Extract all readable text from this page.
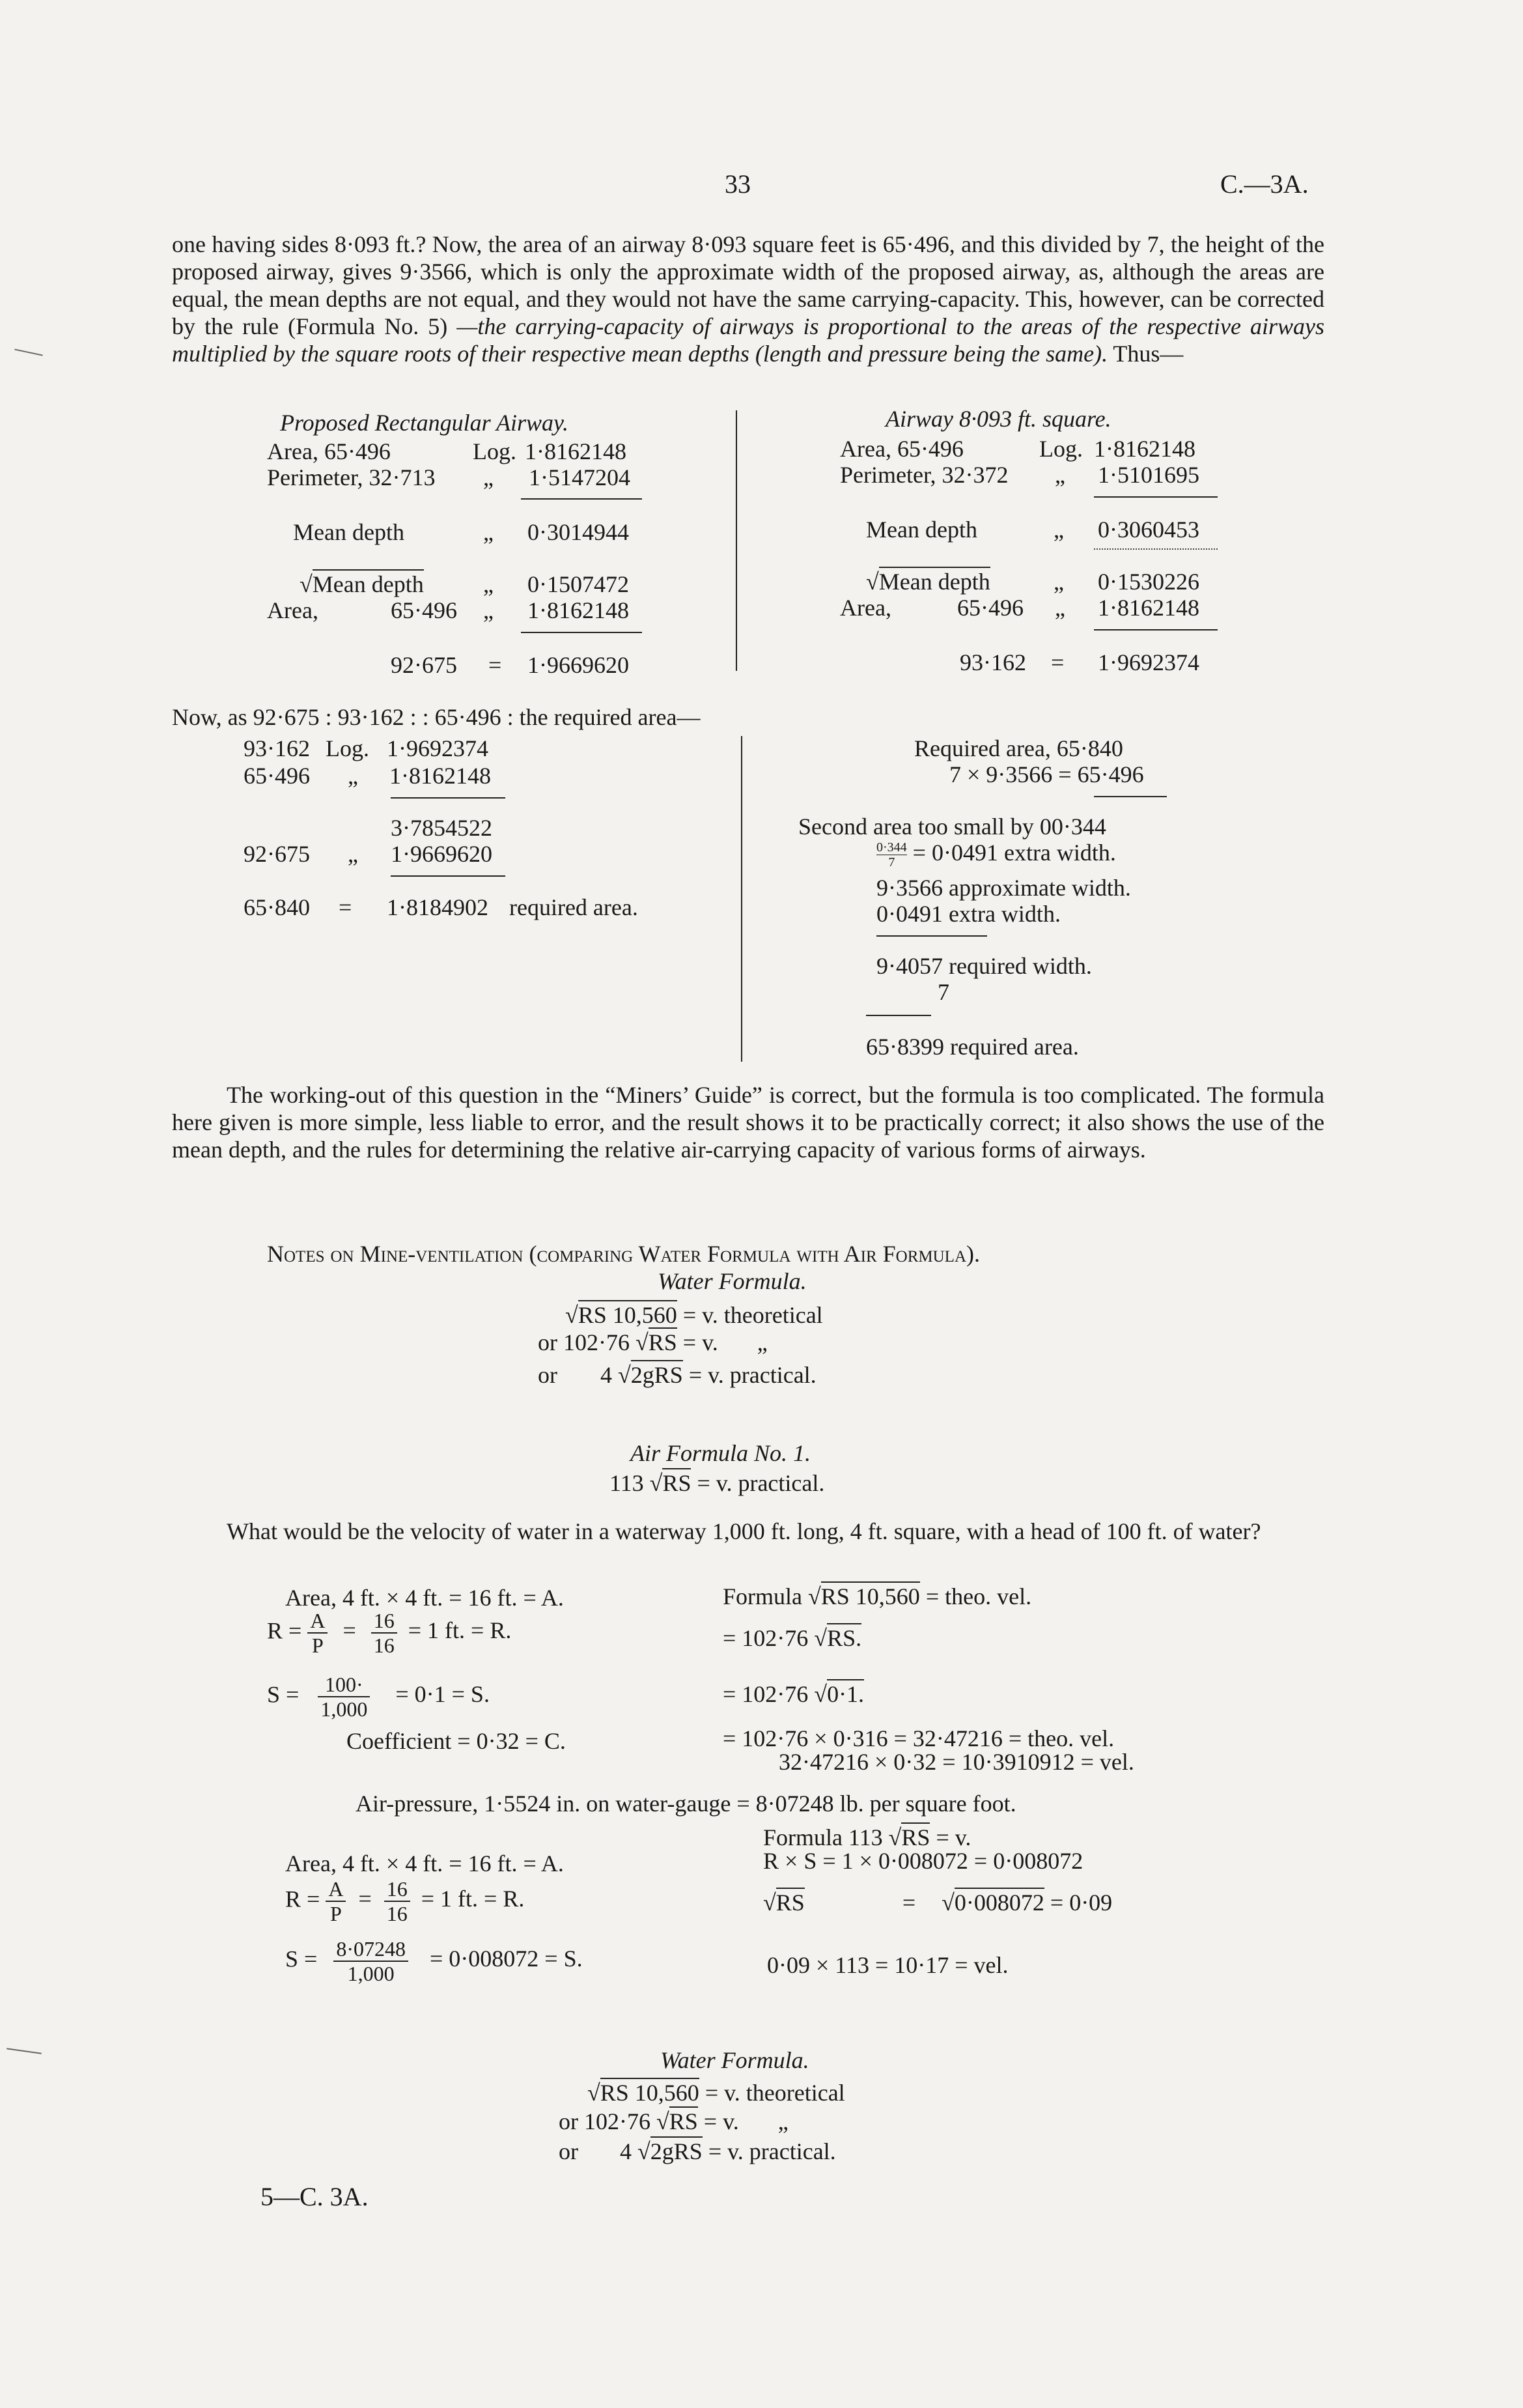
33	C.—3A.
one having sides 8·093 ft.? Now, the area of an airway 8·093 square feet is 65·496, and this divided by 7, the height of the proposed airway, gives 9·3566, which is only the approximate width of the proposed airway, as, although the areas are equal, the mean depths are not equal, and they would not have the same carrying-capacity. This, however, can be corrected by the rule (Formula No. 5) —the carrying-capacity of airways is proportional to the areas of the respective airways multiplied by the square roots of their respective mean depths (length and pressure being the same). Thus—
Proposed Rectangular Airway.
Area, 65·496	Log. 1·8162148
Perimeter, 32·713 „ 1·5147204
Mean depth	„ 0·3014944
√Mean depth	„ 0·1507472
Area,	65·496 „ 1·8162148
92·675 = 1·9669620
Airway 8·093 ft. square.
Area, 65·496	Log. 1·8162148
Perimeter, 32·372 „ 1·5101695
Mean depth	„ 0·3060453
√Mean depth	„ 0·1530226
Area,	65·496 „ 1·8162148
93·162 = 1·9692374
Now, as 92·675 : 93·162 : : 65·496 : the required area—
93·162 Log. 1·9692374
65·496 „ 1·8162148
3·7854522
92·675 „ 1·9669620
65·840 = 1·8184902 required area.
Required area, 65·840
7 × 9·3566 = 65·496
Second area too small by 00·344
$\frac{0\cdot 344}{7} = 0\cdot 0491$ extra width.
9·3566 approximate width.
0·0491 extra width.
9·4057 required width.
7
65·8399 required area.
The working-out of this question in the “Miners’ Guide” is correct, but the formula is too complicated. The formula here given is more simple, less liable to error, and the result shows it to be practically correct; it also shows the use of the mean depth, and the rules for determining the relative air-carrying capacity of various forms of airways.
Notes on Mine-ventilation (comparing Water Formula with Air Formula).
Water Formula.
√RS 10,560 = v. theoretical
or 102·76 √RS = v. „
or 4 √2gRS = v. practical.
Air Formula No. 1.
113 √RS = v. practical.
What would be the velocity of water in a waterway 1,000 ft. long, 4 ft. square, with a head of 100 ft. of water?
Area, 4 ft. × 4 ft. = 16 ft. = A.
$R = \frac{A}{P} = \frac{16}{16} = 1$ ft. = R.
$S = \frac{100\cdot}{1,000} = 0\cdot 1 = S$.
Coefficient = 0·32 = C.
Formula √RS 10,560 = theo. vel.
= 102·76 √RS.
= 102·76 √0·1.
= 102·76 × 0·316 = 32·47216 = theo. vel.
32·47216 × 0·32 = 10·3910912 = vel.
Air-pressure, 1·5524 in. on water-gauge = 8·07248 lb. per square foot.
Formula 113 √RS = v.
Area, 4 ft. × 4 ft. = 16 ft. = A.	R × S = 1 × 0·008072 = 0·008072
$R = \frac{A}{P} = \frac{16}{16} = 1$ ft. = R.	√RS	= √0·008072 = 0·09
$S = \frac{8\cdot 07248}{1,000} = 0\cdot 008072 = S$.	0·09 × 113 = 10·17 = vel.
Water Formula.
√RS 10,560 = v. theoretical
or 102·76 √RS = v. „
or 4 √2gRS = v. practical.
5—C. 3A.
